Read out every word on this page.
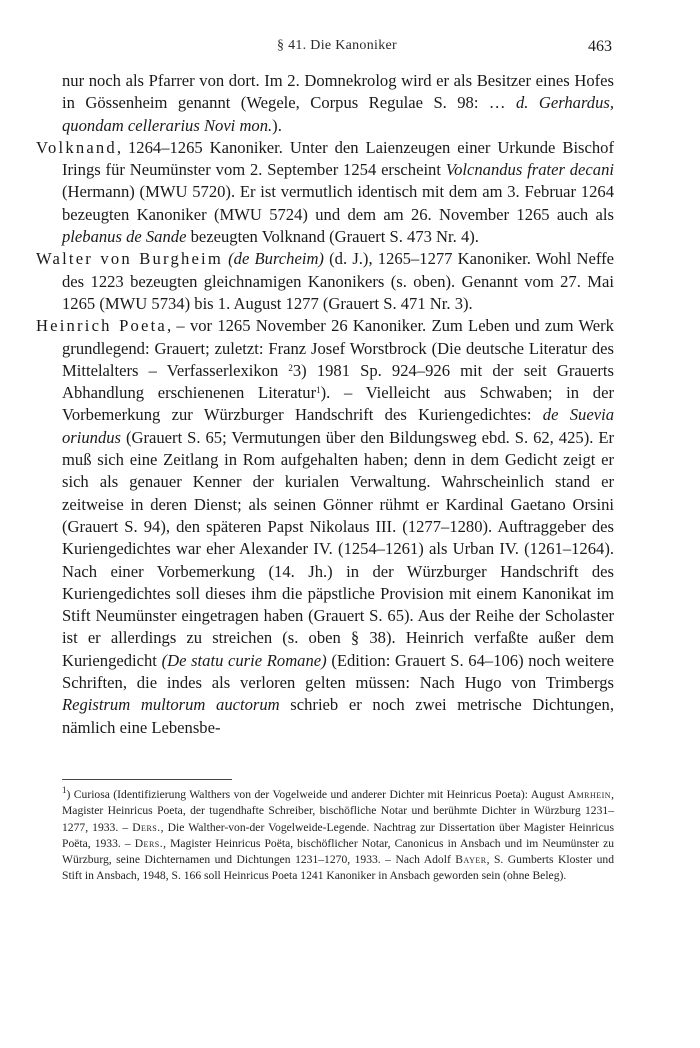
§ 41. Die Kanoniker	463

nur noch als Pfarrer von dort. Im 2. Domnekrolog wird er als Besitzer eines Hofes in Gössenheim genannt (Wegele, Corpus Regulae S. 98: … d. Gerhardus, quondam cellerarius Novi mon.).

Volknand, 1264–1265 Kanoniker. Unter den Laienzeugen einer Urkunde Bischof Irings für Neumünster vom 2. September 1254 erscheint Volcnandus frater decani (Hermann) (MWU 5720). Er ist vermutlich identisch mit dem am 3. Februar 1264 bezeugten Kanoniker (MWU 5724) und dem am 26. November 1265 auch als plebanus de Sande bezeugten Volknand (Grauert S. 473 Nr. 4).

Walter von Burgheim (de Burcheim) (d. J.), 1265–1277 Kanoniker. Wohl Neffe des 1223 bezeugten gleichnamigen Kanonikers (s. oben). Genannt vom 27. Mai 1265 (MWU 5734) bis 1. August 1277 (Grauert S. 471 Nr. 3).

Heinrich Poeta, – vor 1265 November 26 Kanoniker. Zum Leben und zum Werk grundlegend: Grauert; zuletzt: Franz Josef Worstbrock (Die deutsche Literatur des Mittelalters – Verfasserlexikon $^2$3) 1981 Sp. 924–926 mit der seit Grauerts Abhandlung erschienenen Literatur$^1$). – Vielleicht aus Schwaben; in der Vorbemerkung zur Würzburger Handschrift des Kuriengedichtes: de Suevia oriundus (Grauert S. 65; Vermutungen über den Bildungsweg ebd. S. 62, 425). Er muß sich eine Zeitlang in Rom aufgehalten haben; denn in dem Gedicht zeigt er sich als genauer Kenner der kurialen Verwaltung. Wahrscheinlich stand er zeitweise in deren Dienst; als seinen Gönner rühmt er Kardinal Gaetano Orsini (Grauert S. 94), den späteren Papst Nikolaus III. (1277–1280). Auftraggeber des Kuriengedichtes war eher Alexander IV. (1254–1261) als Urban IV. (1261–1264). Nach einer Vorbemerkung (14. Jh.) in der Würzburger Handschrift des Kuriengedichtes soll dieses ihm die päpstliche Provision mit einem Kanonikat im Stift Neumünster eingetragen haben (Grauert S. 65). Aus der Reihe der Scholaster ist er allerdings zu streichen (s. oben § 38). Heinrich verfaßte außer dem Kuriengedicht (De statu curie Romane) (Edition: Grauert S. 64–106) noch weitere Schriften, die indes als verloren gelten müssen: Nach Hugo von Trimbergs Registrum multorum auctorum schrieb er noch zwei metrische Dichtungen, nämlich eine Lebensbe-

$^1$) Curiosa (Identifizierung Walthers von der Vogelweide und anderer Dichter mit Heinricus Poeta): August Amrhein, Magister Heinricus Poeta, der tugendhafte Schreiber, bischöfliche Notar und berühmte Dichter in Würzburg 1231–1277, 1933. – Ders., Die Walther-von-der Vogelweide-Legende. Nachtrag zur Dissertation über Magister Heinricus Poëta, 1933. – Ders., Magister Heinricus Poëta, bischöflicher Notar, Canonicus in Ansbach und im Neumünster zu Würzburg, seine Dichternamen und Dichtungen 1231–1270, 1933. – Nach Adolf Bayer, S. Gumberts Kloster und Stift in Ansbach, 1948, S. 166 soll Heinricus Poeta 1241 Kanoniker in Ansbach geworden sein (ohne Beleg).
